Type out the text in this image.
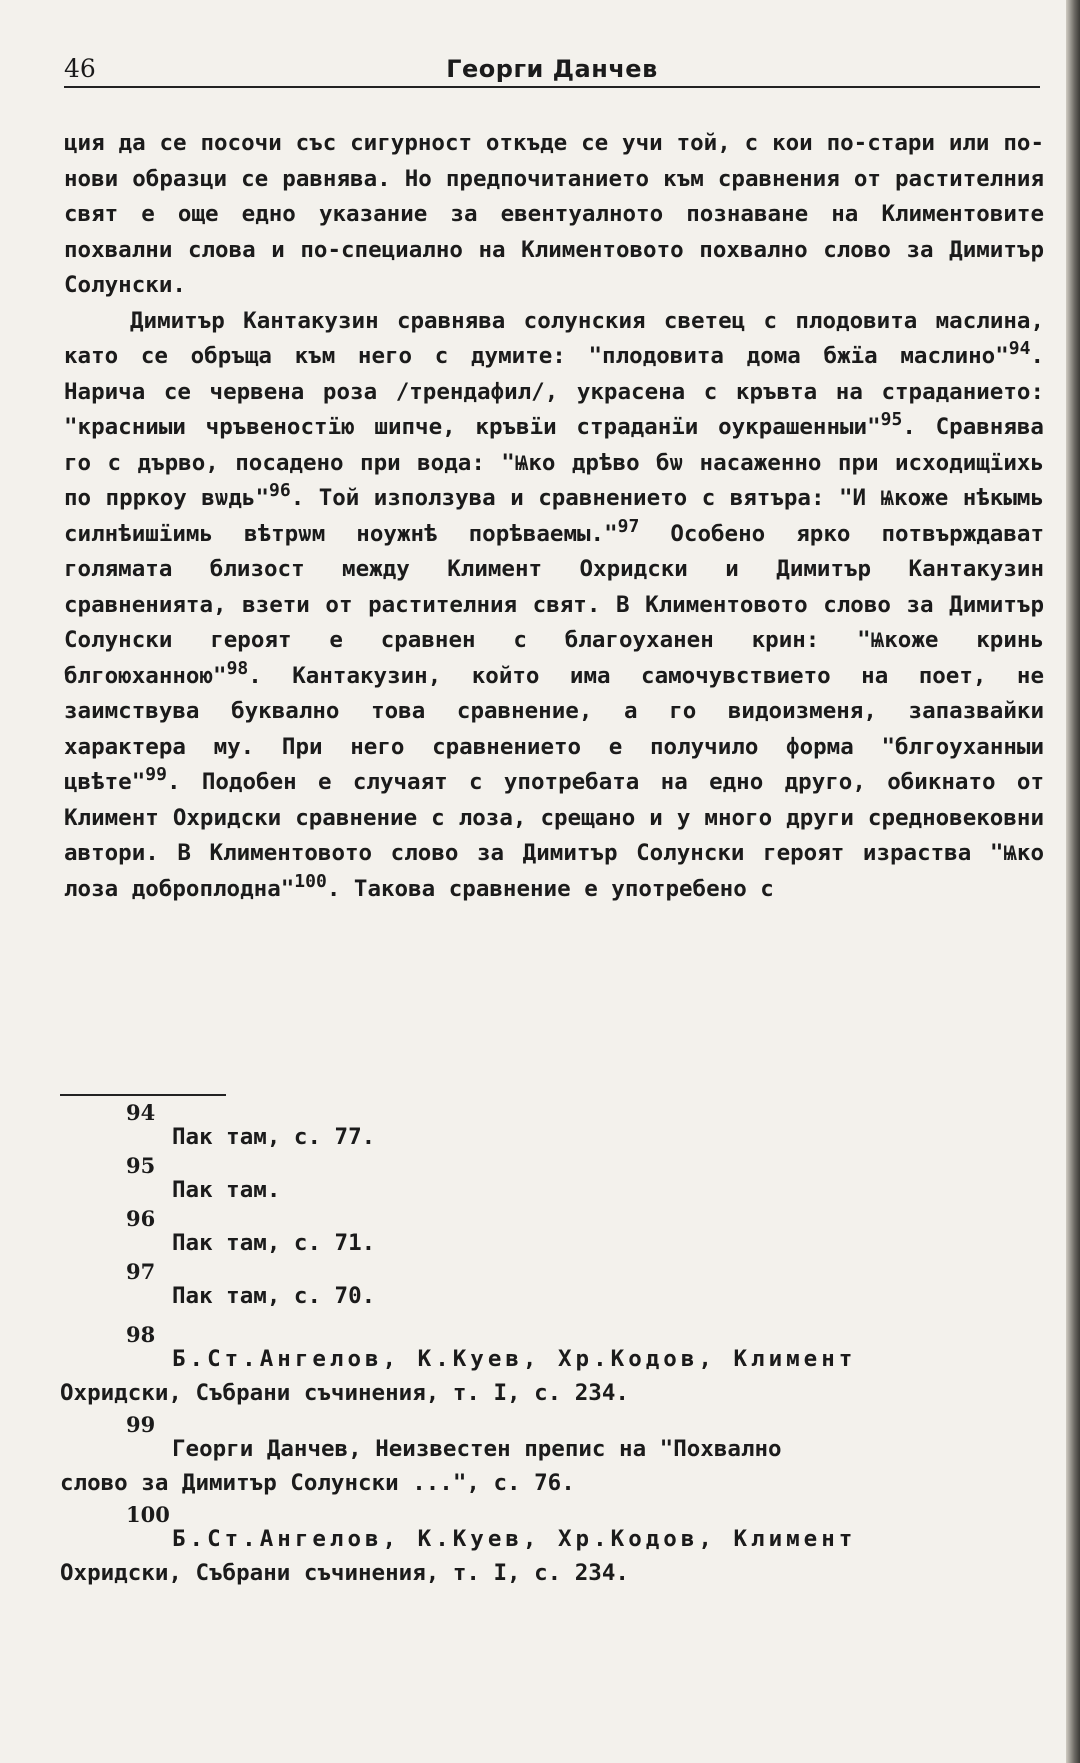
46	Георги Данчев

ция да се посочи със сигурност откъде се учи той, с кои по-стари или по-нови образци се равнява. Но предпочитанието към сравнения от растителния свят е още едно указание за евентуалното познаване на Климентовите похвални слова и по-специално на Климентовото похвално слово за Димитър Солунски.

Димитър Кантакузин сравнява солунския светец с плодовита маслина, като се обръща към него с думите: "плодовита дома бжїа маслино"$^{94}$. Нарича се червена роза /трендафил/, украсена с кръвта на страданието: "красниыи чръвеностїю шипче, кръвїи страданїи оукрашенныи"$^{95}$. Сравнява го с дърво, посадено при вода: "Ѩко дрѣво бѡ насаженно при исходищїихь по прркоу вѡдь"$^{96}$. Той използува и сравнението с вятъра: "И Ѩкоже нѣкымь силнѣишїимь вѣтрѡм ноужнѣ порѣваемы."$^{97}$ Особено ярко потвърждават голямата близост между Климент Охридски и Димитър Кантакузин сравненията, взети от растителния свят. В Климентовото слово за Димитър Солунски героят е сравнен с благоуханен крин: "Ѩкоже кринь блгоюханною"$^{98}$. Кантакузин, който има самочувствието на поет, не заимствува буквално това сравнение, а го видоизменя, запазвайки характера му. При него сравнението е получило форма "блгоуханныи цвѣте"$^{99}$. Подобен е случаят с употребата на едно друго, обикнато от Климент Охридски сравнение с лоза, срещано и у много други средновековни автори. В Климентовото слово за Димитър Солунски героят израства "Ѩко лоза доброплодна"$^{100}$. Такова сравнение е употребено с

94
Пак там, с. 77.
95
Пак там.
96
Пак там, с. 71.
97
Пак там, с. 70.
98
Б.Ст.Ангелов, К.Куев, Хр.Кодов, Климент
Охридски, Събрани съчинения, т. I, с. 234.
99
Георги Данчев, Неизвестен препис на "Похвално
слово за Димитър Солунски ...", с. 76.
100
Б.Ст.Ангелов, К.Куев, Хр.Кодов, Климент
Охридски, Събрани съчинения, т. I, с. 234.
